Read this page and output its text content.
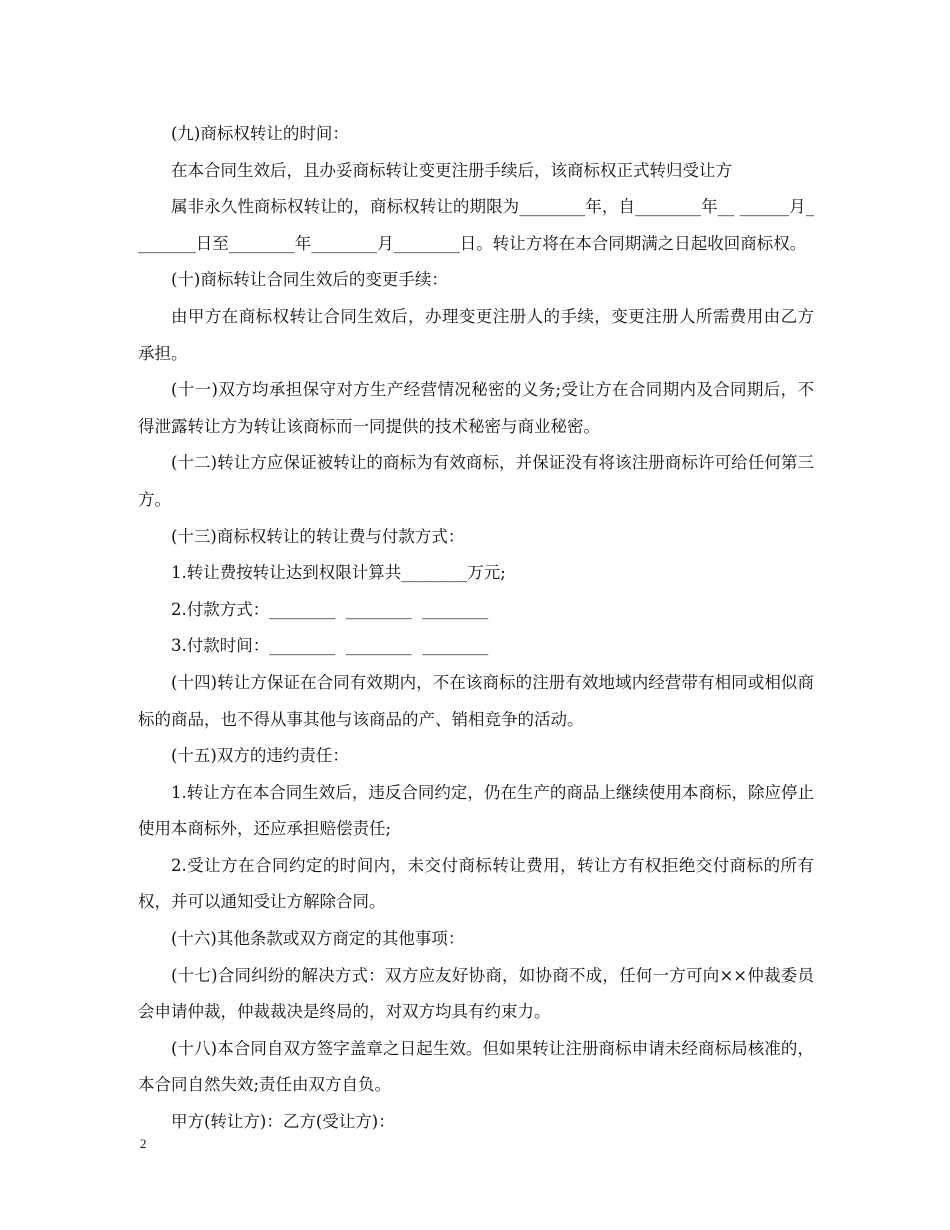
(九)商标权转让的时间：

在本合同生效后，且办妥商标转让变更注册手续后，该商标权正式转归受让方

属非永久性商标权转让的，商标权转让的期限为________年，自________年__ ______月________日至________年________月________日。转让方将在本合同期满之日起收回商标权。

(十)商标转让合同生效后的变更手续：

由甲方在商标权转让合同生效后，办理变更注册人的手续，变更注册人所需费用由乙方承担。

(十一)双方均承担保守对方生产经营情况秘密的义务;受让方在合同期内及合同期后，不得泄露转让方为转让该商标而一同提供的技术秘密与商业秘密。

(十二)转让方应保证被转让的商标为有效商标，并保证没有将该注册商标许可给任何第三方。

(十三)商标权转让的转让费与付款方式：

1.转让费按转让达到权限计算共________万元;

2.付款方式：________  ________  ________

3.付款时间：________  ________  ________

(十四)转让方保证在合同有效期内，不在该商标的注册有效地域内经营带有相同或相似商标的商品，也不得从事其他与该商品的产、销相竞争的活动。

(十五)双方的违约责任：

1.转让方在本合同生效后，违反合同约定，仍在生产的商品上继续使用本商标，除应停止使用本商标外，还应承担赔偿责任;

2.受让方在合同约定的时间内，未交付商标转让费用，转让方有权拒绝交付商标的所有权，并可以通知受让方解除合同。

(十六)其他条款或双方商定的其他事项：

(十七)合同纠纷的解决方式：双方应友好协商，如协商不成，任何一方可向××仲裁委员会申请仲裁，仲裁裁决是终局的，对双方均具有约束力。

(十八)本合同自双方签字盖章之日起生效。但如果转让注册商标申请未经商标局核准的，本合同自然失效;责任由双方自负。

甲方(转让方)：乙方(受让方)：

2
